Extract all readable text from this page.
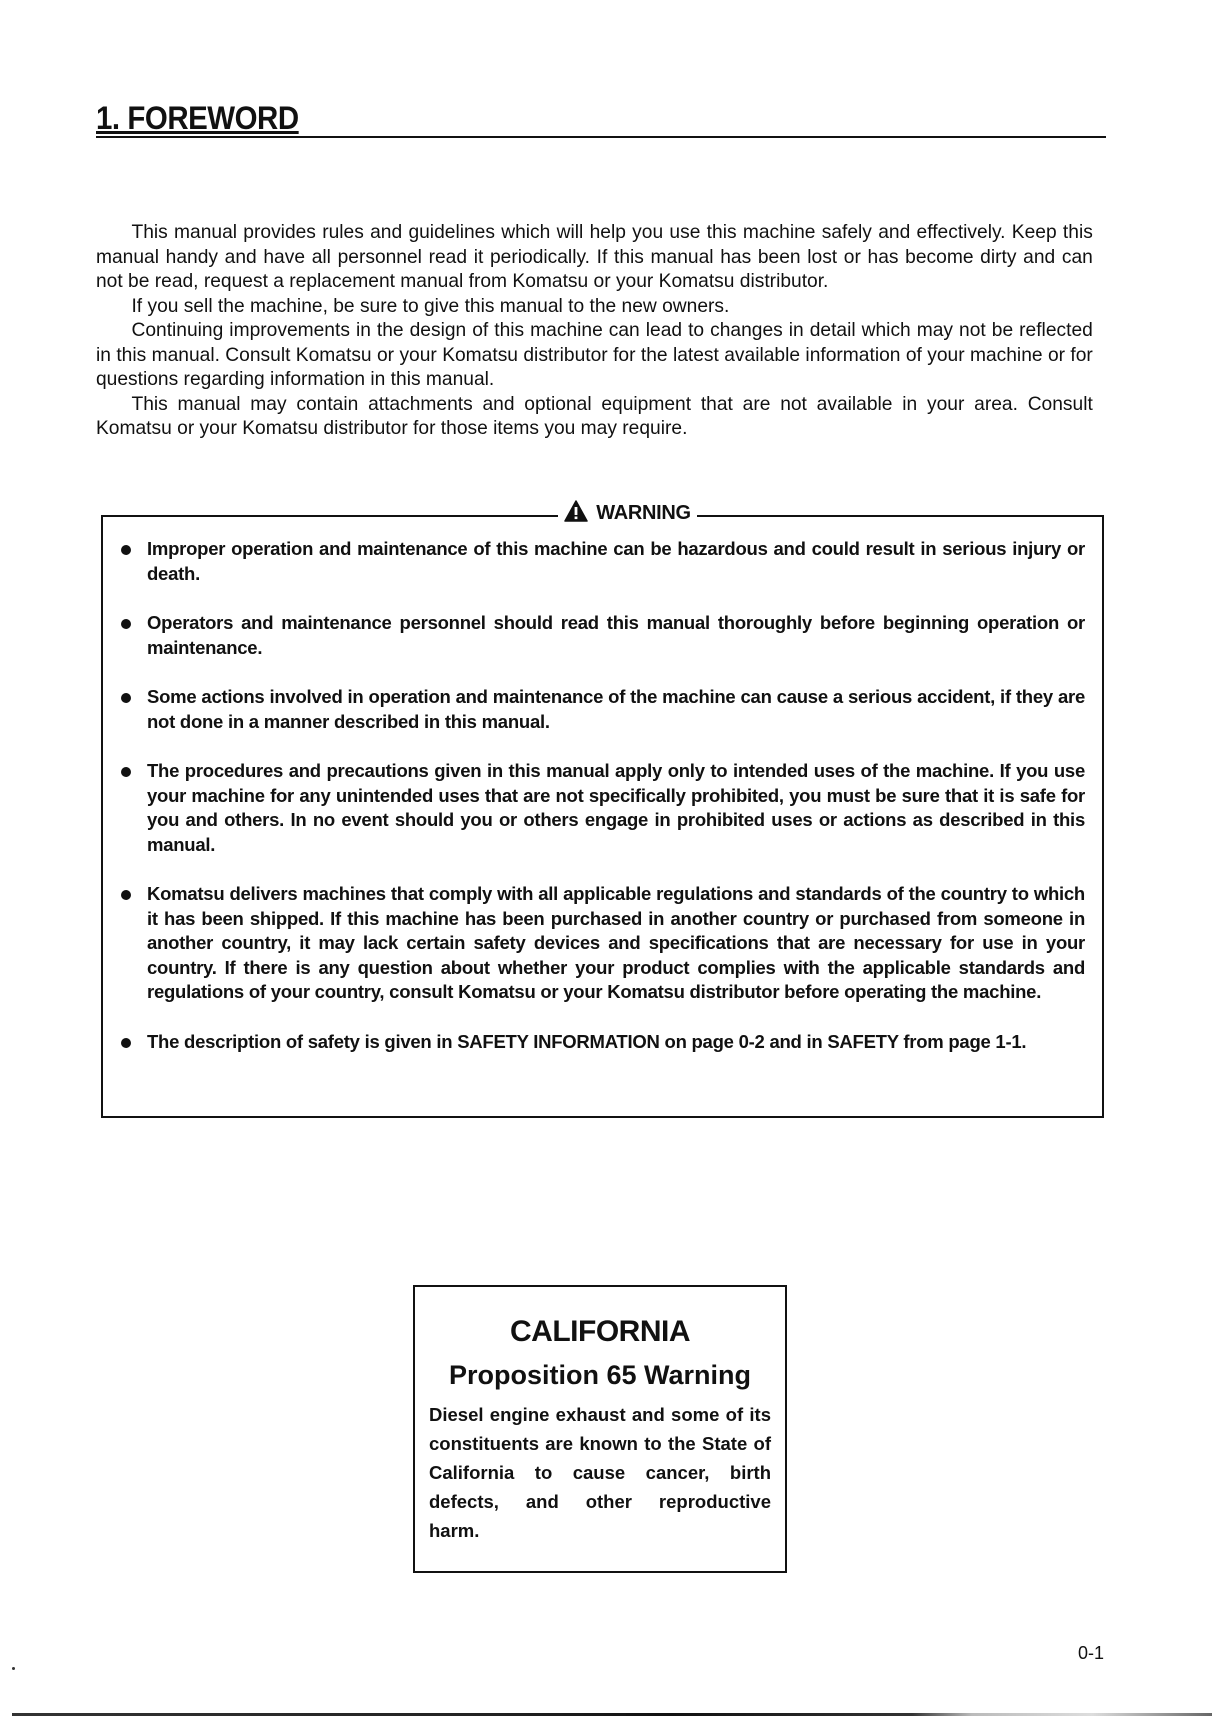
1. FOREWORD

This manual provides rules and guidelines which will help you use this machine safely and effectively. Keep this manual handy and have all personnel read it periodically. If this manual has been lost or has become dirty and can not be read, request a replacement manual from Komatsu or your Komatsu distributor.

If you sell the machine, be sure to give this manual to the new owners.

Continuing improvements in the design of this machine can lead to changes in detail which may not be reflected in this manual. Consult Komatsu or your Komatsu distributor for the latest available information of your machine or for questions regarding information in this manual.

This manual may contain attachments and optional equipment that are not available in your area. Consult Komatsu or your Komatsu distributor for those items you may require.

WARNING
Improper operation and maintenance of this machine can be hazardous and could result in serious injury or death.
Operators and maintenance personnel should read this manual thoroughly before beginning operation or maintenance.
Some actions involved in operation and maintenance of the machine can cause a serious accident, if they are not done in a manner described in this manual.
The procedures and precautions given in this manual apply only to intended uses of the machine. If you use your machine for any unintended uses that are not specifically prohibited, you must be sure that it is safe for you and others. In no event should you or others engage in prohibited uses or actions as described in this manual.
Komatsu delivers machines that comply with all applicable regulations and standards of the country to which it has been shipped. If this machine has been purchased in another country or purchased from someone in another country, it may lack certain safety devices and specifications that are necessary for use in your country. If there is any question about whether your product complies with the applicable standards and regulations of your country, consult Komatsu or your Komatsu distributor before operating the machine.
The description of safety is given in SAFETY INFORMATION on page 0-2 and in SAFETY from page 1-1.
CALIFORNIA
Proposition 65 Warning
Diesel engine exhaust and some of its constituents are known to the State of California to cause cancer, birth defects, and other reproductive
harm.
0-1
